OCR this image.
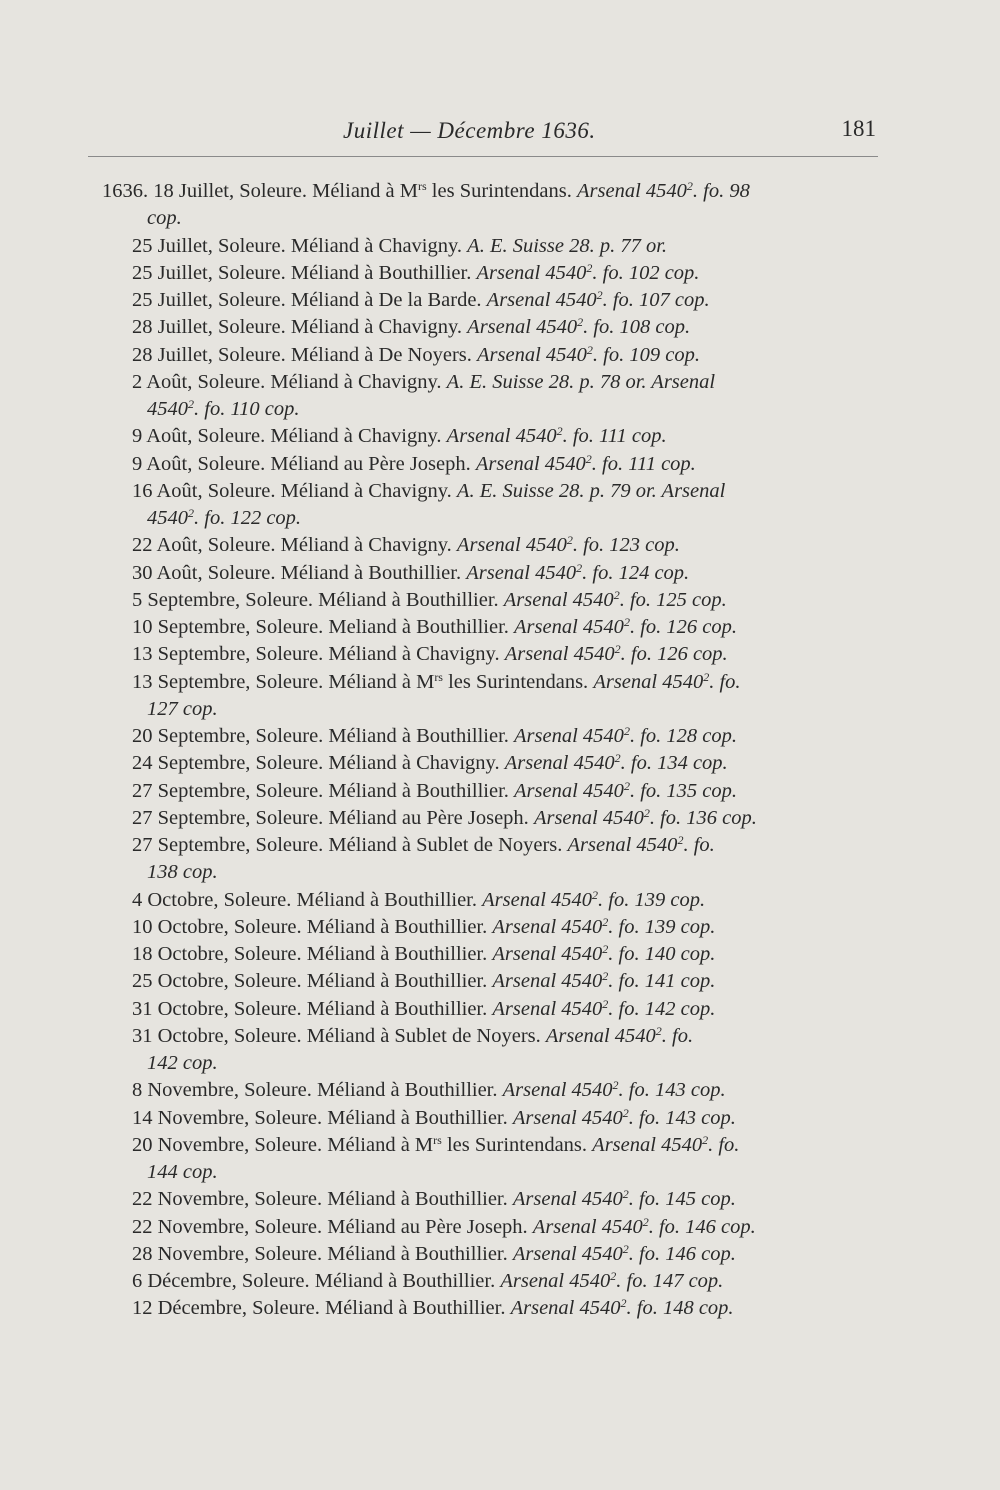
Juillet — Décembre 1636.	181
1636. 18 Juillet, Soleure. Méliand à $M^{rs}$ les Surintendans. Arsenal 4540$^2$. fo. 98
cop.
25 Juillet, Soleure. Méliand à Chavigny. A. E. Suisse 28. p. 77 or.
25 Juillet, Soleure. Méliand à Bouthillier. Arsenal 4540$^2$. fo. 102 cop.
25 Juillet, Soleure. Méliand à De la Barde. Arsenal 4540$^2$. fo. 107 cop.
28 Juillet, Soleure. Méliand à Chavigny. Arsenal 4540$^2$. fo. 108 cop.
28 Juillet, Soleure. Méliand à De Noyers. Arsenal 4540$^2$. fo. 109 cop.
2 Août, Soleure. Méliand à Chavigny. A. E. Suisse 28. p. 78 or. Arsenal
4540$^2$. fo. 110 cop.
9 Août, Soleure. Méliand à Chavigny. Arsenal 4540$^2$. fo. 111 cop.
9 Août, Soleure. Méliand au Père Joseph. Arsenal 4540$^2$. fo. 111 cop.
16 Août, Soleure. Méliand à Chavigny. A. E. Suisse 28. p. 79 or. Arsenal
4540$^2$. fo. 122 cop.
22 Août, Soleure. Méliand à Chavigny. Arsenal 4540$^2$. fo. 123 cop.
30 Août, Soleure. Méliand à Bouthillier. Arsenal 4540$^2$. fo. 124 cop.
5 Septembre, Soleure. Méliand à Bouthillier. Arsenal 4540$^2$. fo. 125 cop.
10 Septembre, Soleure. Meliand à Bouthillier. Arsenal 4540$^2$. fo. 126 cop.
13 Septembre, Soleure. Méliand à Chavigny. Arsenal 4540$^2$. fo. 126 cop.
13 Septembre, Soleure. Méliand à $M^{rs}$ les Surintendans. Arsenal 4540$^2$. fo.
127 cop.
20 Septembre, Soleure. Méliand à Bouthillier. Arsenal 4540$^2$. fo. 128 cop.
24 Septembre, Soleure. Méliand à Chavigny. Arsenal 4540$^2$. fo. 134 cop.
27 Septembre, Soleure. Méliand à Bouthillier. Arsenal 4540$^2$. fo. 135 cop.
27 Septembre, Soleure. Méliand au Père Joseph. Arsenal 4540$^2$. fo. 136 cop.
27 Septembre, Soleure. Méliand à Sublet de Noyers. Arsenal 4540$^2$. fo.
138 cop.
4 Octobre, Soleure. Méliand à Bouthillier. Arsenal 4540$^2$. fo. 139 cop.
10 Octobre, Soleure. Méliand à Bouthillier. Arsenal 4540$^2$. fo. 139 cop.
18 Octobre, Soleure. Méliand à Bouthillier. Arsenal 4540$^2$. fo. 140 cop.
25 Octobre, Soleure. Méliand à Bouthillier. Arsenal 4540$^2$. fo. 141 cop.
31 Octobre, Soleure. Méliand à Bouthillier. Arsenal 4540$^2$. fo. 142 cop.
31 Octobre, Soleure. Méliand à Sublet de Noyers. Arsenal 4540$^2$. fo.
142 cop.
8 Novembre, Soleure. Méliand à Bouthillier. Arsenal 4540$^2$. fo. 143 cop.
14 Novembre, Soleure. Méliand à Bouthillier. Arsenal 4540$^2$. fo. 143 cop.
20 Novembre, Soleure. Méliand à $M^{rs}$ les Surintendans. Arsenal 4540$^2$. fo.
144 cop.
22 Novembre, Soleure. Méliand à Bouthillier. Arsenal 4540$^2$. fo. 145 cop.
22 Novembre, Soleure. Méliand au Père Joseph. Arsenal 4540$^2$. fo. 146 cop.
28 Novembre, Soleure. Méliand à Bouthillier. Arsenal 4540$^2$. fo. 146 cop.
6 Décembre, Soleure. Méliand à Bouthillier. Arsenal 4540$^2$. fo. 147 cop.
12 Décembre, Soleure. Méliand à Bouthillier. Arsenal 4540$^2$. fo. 148 cop.
